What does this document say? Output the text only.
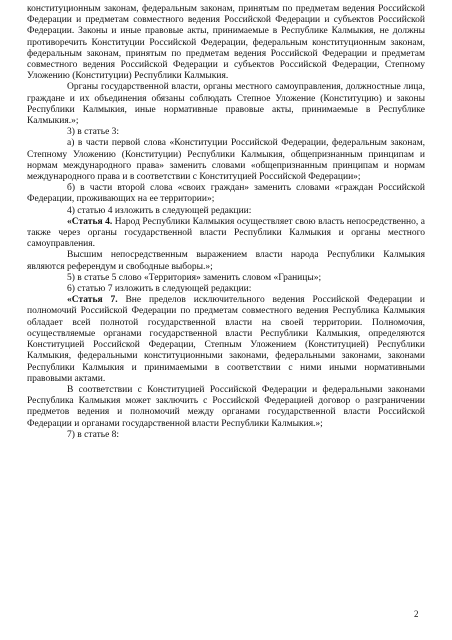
конституционным законам, федеральным законам, принятым по предметам ведения Российской Федерации и предметам совместного ведения Российской Федерации и субъектов Российской Федерации. Законы и иные правовые акты, принимаемые в Республике Калмыкия, не должны противоречить Конституции Российской Федерации, федеральным конституционным законам, федеральным законам, принятым по предметам ведения Российской Федерации и предметам совместного ведения Российской Федерации и субъектов Российской Федерации, Степному Уложению (Конституции) Республики Калмыкия.

Органы государственной власти, органы местного самоуправления, должностные лица, граждане и их объединения обязаны соблюдать Степное Уложение (Конституцию) и законы Республики Калмыкия, иные нормативные правовые акты, принимаемые в Республике Калмыкия.»;

3) в статье 3:

а) в части первой слова «Конституции Российской Федерации, федеральным законам, Степному Уложению (Конституции) Республики Калмыкия, общепризнанным принципам и нормам международного права» заменить словами «общепризнанным принципам и нормам международного права и в соответствии с Конституцией Российской Федерации»;

б) в части второй слова «своих граждан» заменить словами «граждан Российской Федерации, проживающих на ее территории»;

4) статью 4 изложить в следующей редакции:

«Статья 4. Народ Республики Калмыкия осуществляет свою власть непосредственно, а также через органы государственной власти Республики Калмыкия и органы местного самоуправления.

Высшим непосредственным выражением власти народа Республики Калмыкия являются референдум и свободные выборы.»;

5) в статье 5 слово «Территория» заменить словом «Границы»;

6) статью 7 изложить в следующей редакции:

«Статья 7. Вне пределов исключительного ведения Российской Федерации и полномочий Российской Федерации по предметам совместного ведения Республика Калмыкия обладает всей полнотой государственной власти на своей территории. Полномочия, осуществляемые органами государственной власти Республики Калмыкия, определяются Конституцией Российской Федерации, Степным Уложением (Конституцией) Республики Калмыкия, федеральными конституционными законами, федеральными законами, законами Республики Калмыкия и принимаемыми в соответствии с ними иными нормативными правовыми актами.

В соответствии с Конституцией Российской Федерации и федеральными законами Республика Калмыкия может заключить с Российской Федерацией договор о разграничении предметов ведения и полномочий между органами государственной власти Российской Федерации и органами государственной власти Республики Калмыкия.»;

7) в статье 8:

2
